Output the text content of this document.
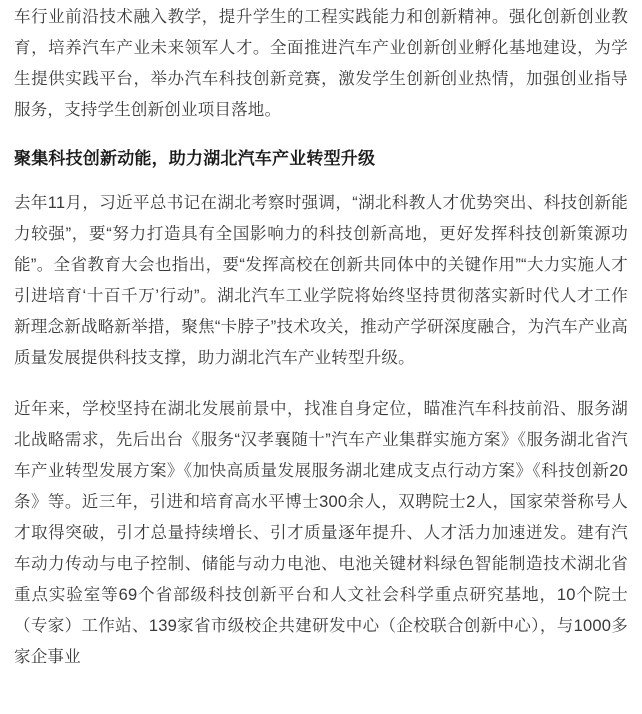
车行业前沿技术融入教学，提升学生的工程实践能力和创新精神。强化创新创业教育，培养汽车产业未来领军人才。全面推进汽车产业创新创业孵化基地建设，为学生提供实践平台，举办汽车科技创新竞赛，激发学生创新创业热情，加强创业指导服务，支持学生创新创业项目落地。

聚集科技创新动能，助力湖北汽车产业转型升级

去年11月，习近平总书记在湖北考察时强调，“湖北科教人才优势突出、科技创新能力较强”，要“努力打造具有全国影响力的科技创新高地，更好发挥科技创新策源功能”。全省教育大会也指出，要“发挥高校在创新共同体中的关键作用”“大力实施人才引进培育‘十百千万’行动”。湖北汽车工业学院将始终坚持贯彻落实新时代人才工作新理念新战略新举措，聚焦“卡脖子”技术攻关，推动产学研深度融合，为汽车产业高质量发展提供科技支撑，助力湖北汽车产业转型升级。

近年来，学校坚持在湖北发展前景中，找准自身定位，瞄准汽车科技前沿、服务湖北战略需求，先后出台《服务“汉孝襄随十”汽车产业集群实施方案》《服务湖北省汽车产业转型发展方案》《加快高质量发展服务湖北建成支点行动方案》《科技创新20条》等。近三年，引进和培育高水平博士300余人，双聘院士2人，国家荣誉称号人才取得突破，引才总量持续增长、引才质量逐年提升、人才活力加速迸发。建有汽车动力传动与电子控制、储能与动力电池、电池关键材料绿色智能制造技术湖北省重点实验室等69个省部级科技创新平台和人文社会科学重点研究基地，10个院士（专家）工作站、139家省市级校企共建研发中心（企校联合创新中心），与1000多家企事业
